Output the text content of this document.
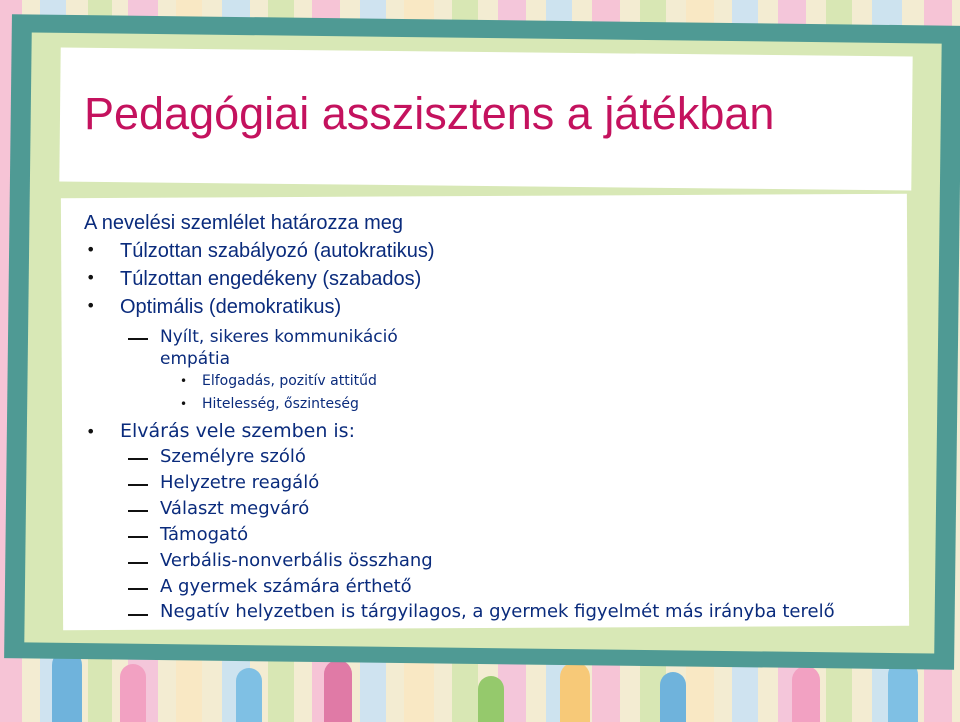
Pedagógiai asszisztens a játékban
A nevelési szemlélet határozza meg
• Túlzottan szabályozó (autokratikus)
• Túlzottan engedékeny (szabados)
• Optimális (demokratikus)
Nyílt, sikeres kommunikáció
empátia
• Elfogadás, pozitív attitűd
• Hitelesség, őszinteség
• Elvárás vele szemben is:
Személyre szóló
Helyzetre reagáló
Választ megváró
Támogató
Verbális-nonverbális összhang
A gyermek számára érthető
Negatív helyzetben is tárgyilagos, a gyermek figyelmét más irányba terelő
